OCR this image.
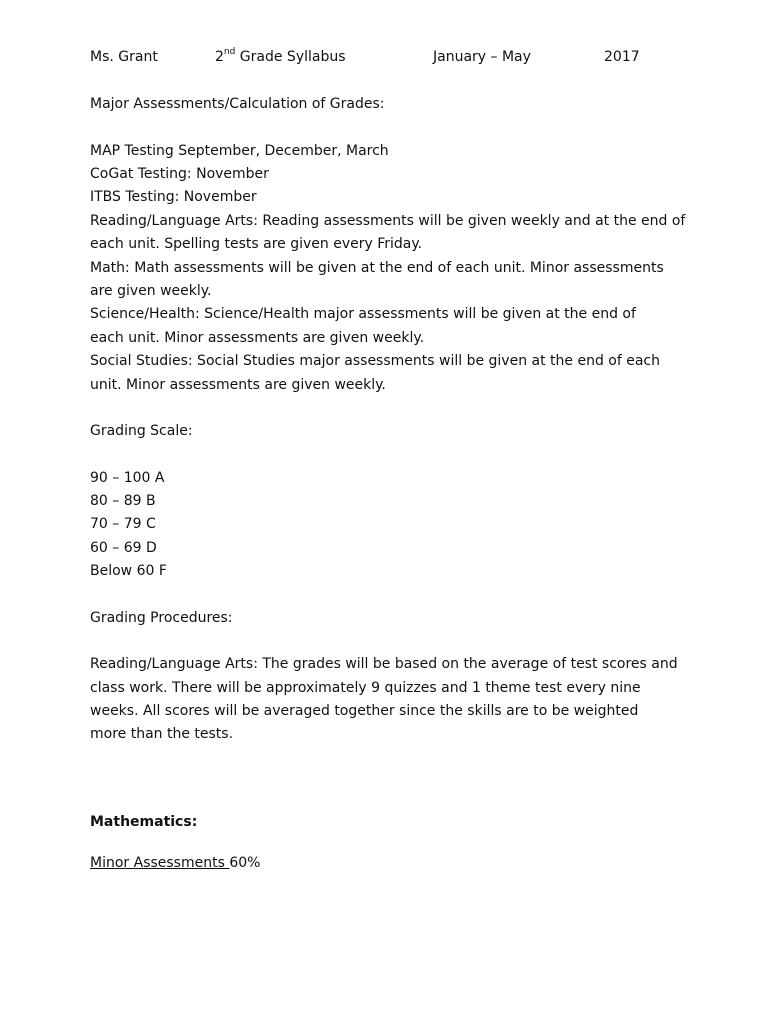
Ms. Grant	2nd Grade Syllabus	January – May	2017
Major Assessments/Calculation of Grades:
MAP Testing September, December, March
CoGat Testing: November
ITBS Testing: November
Reading/Language Arts: Reading assessments will be given weekly and at the end of
each unit. Spelling tests are given every Friday.
Math: Math assessments will be given at the end of each unit. Minor assessments
are given weekly.
Science/Health: Science/Health major assessments will be given at the end of
each unit. Minor assessments are given weekly.
Social Studies: Social Studies major assessments will be given at the end of each
unit. Minor assessments are given weekly.
Grading Scale:
90 – 100 A
80 – 89 B
70 – 79 C
60 – 69 D
Below 60 F
Grading Procedures:
Reading/Language Arts: The grades will be based on the average of test scores and
class work. There will be approximately 9 quizzes and 1 theme test every nine
weeks. All scores will be averaged together since the skills are to be weighted
more than the tests.
Mathematics:
Minor Assessments 60%
